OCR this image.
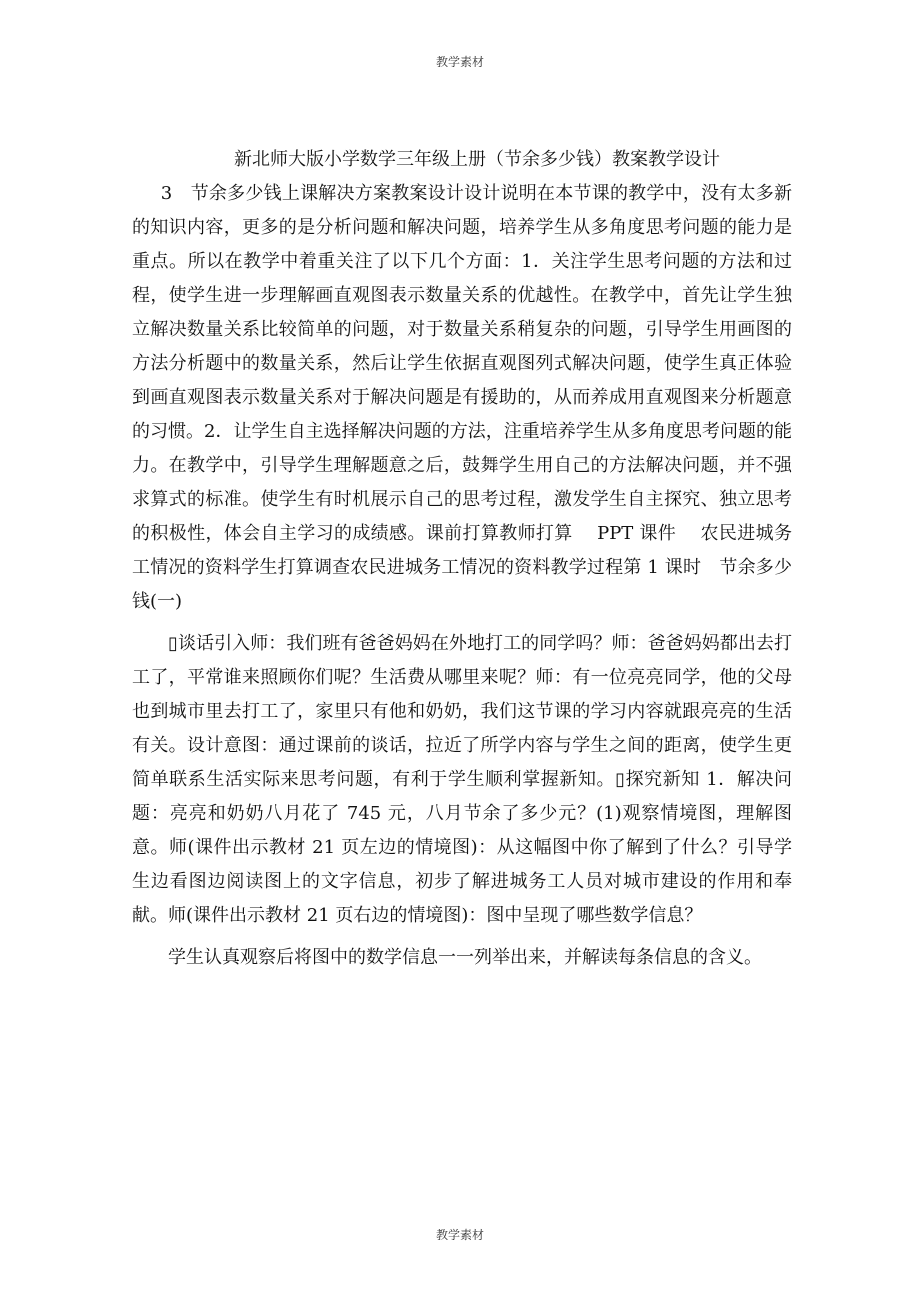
教学素材
新北师大版小学数学三年级上册（节余多少钱）教案教学设计

3　节余多少钱上课解决方案教案设计设计说明在本节课的教学中，没有太多新的知识内容，更多的是分析问题和解决问题，培养学生从多角度思考问题的能力是重点。所以在教学中着重关注了以下几个方面：1．关注学生思考问题的方法和过程，使学生进一步理解画直观图表示数量关系的优越性。在教学中，首先让学生独立解决数量关系比较简单的问题，对于数量关系稍复杂的问题，引导学生用画图的方法分析题中的数量关系，然后让学生依据直观图列式解决问题，使学生真正体验到画直观图表示数量关系对于解决问题是有援助的，从而养成用直观图来分析题意的习惯。2．让学生自主选择解决问题的方法，注重培养学生从多角度思考问题的能力。在教学中，引导学生理解题意之后，鼓舞学生用自己的方法解决问题，并不强求算式的标准。使学生有时机展示自己的思考过程，激发学生自主探究、独立思考的积极性，体会自主学习的成绩感。课前打算教师打算　 PPT 课件　 农民进城务工情况的资料学生打算调查农民进城务工情况的资料教学过程第 1 课时　节余多少钱(一)

▯谈话引入师：我们班有爸爸妈妈在外地打工的同学吗？师：爸爸妈妈都出去打工了，平常谁来照顾你们呢？生活费从哪里来呢？师：有一位亮亮同学，他的父母也到城市里去打工了，家里只有他和奶奶，我们这节课的学习内容就跟亮亮的生活有关。设计意图：通过课前的谈话，拉近了所学内容与学生之间的距离，使学生更简单联系生活实际来思考问题，有利于学生顺利掌握新知。▯探究新知 1．解决问题：亮亮和奶奶八月花了 745 元，八月节余了多少元？(1)观察情境图，理解图意。师(课件出示教材 21 页左边的情境图)：从这幅图中你了解到了什么？引导学生边看图边阅读图上的文字信息，初步了解进城务工人员对城市建设的作用和奉献。师(课件出示教材 21 页右边的情境图)：图中呈现了哪些数学信息？

学生认真观察后将图中的数学信息一一列举出来，并解读每条信息的含义。

教学素材
